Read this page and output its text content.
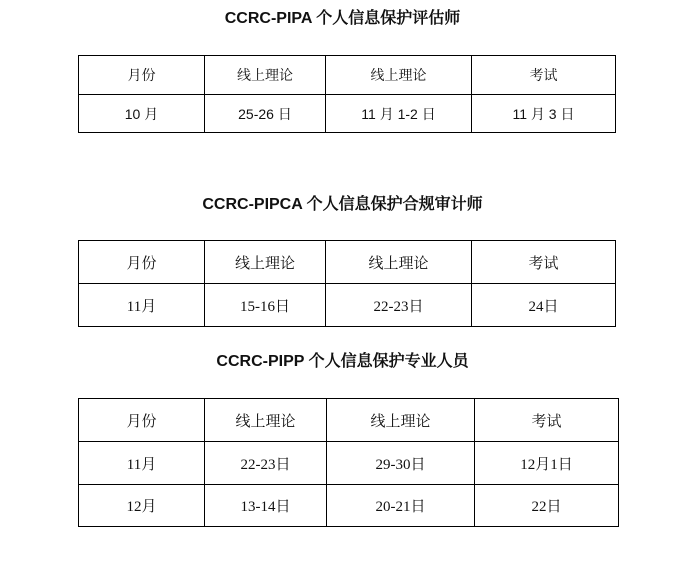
CCRC-PIPA 个人信息保护评估师
月份	线上理论	线上理论	考试
10 月	25-26 日	11 月 1-2 日	11 月 3 日
CCRC-PIPCA 个人信息保护合规审计师
月份	线上理论	线上理论	考试
11月	15-16日	22-23日	24日
CCRC-PIPP 个人信息保护专业人员
月份	线上理论	线上理论	考试
11月	22-23日	29-30日	12月1日
12月	13-14日	20-21日	22日
